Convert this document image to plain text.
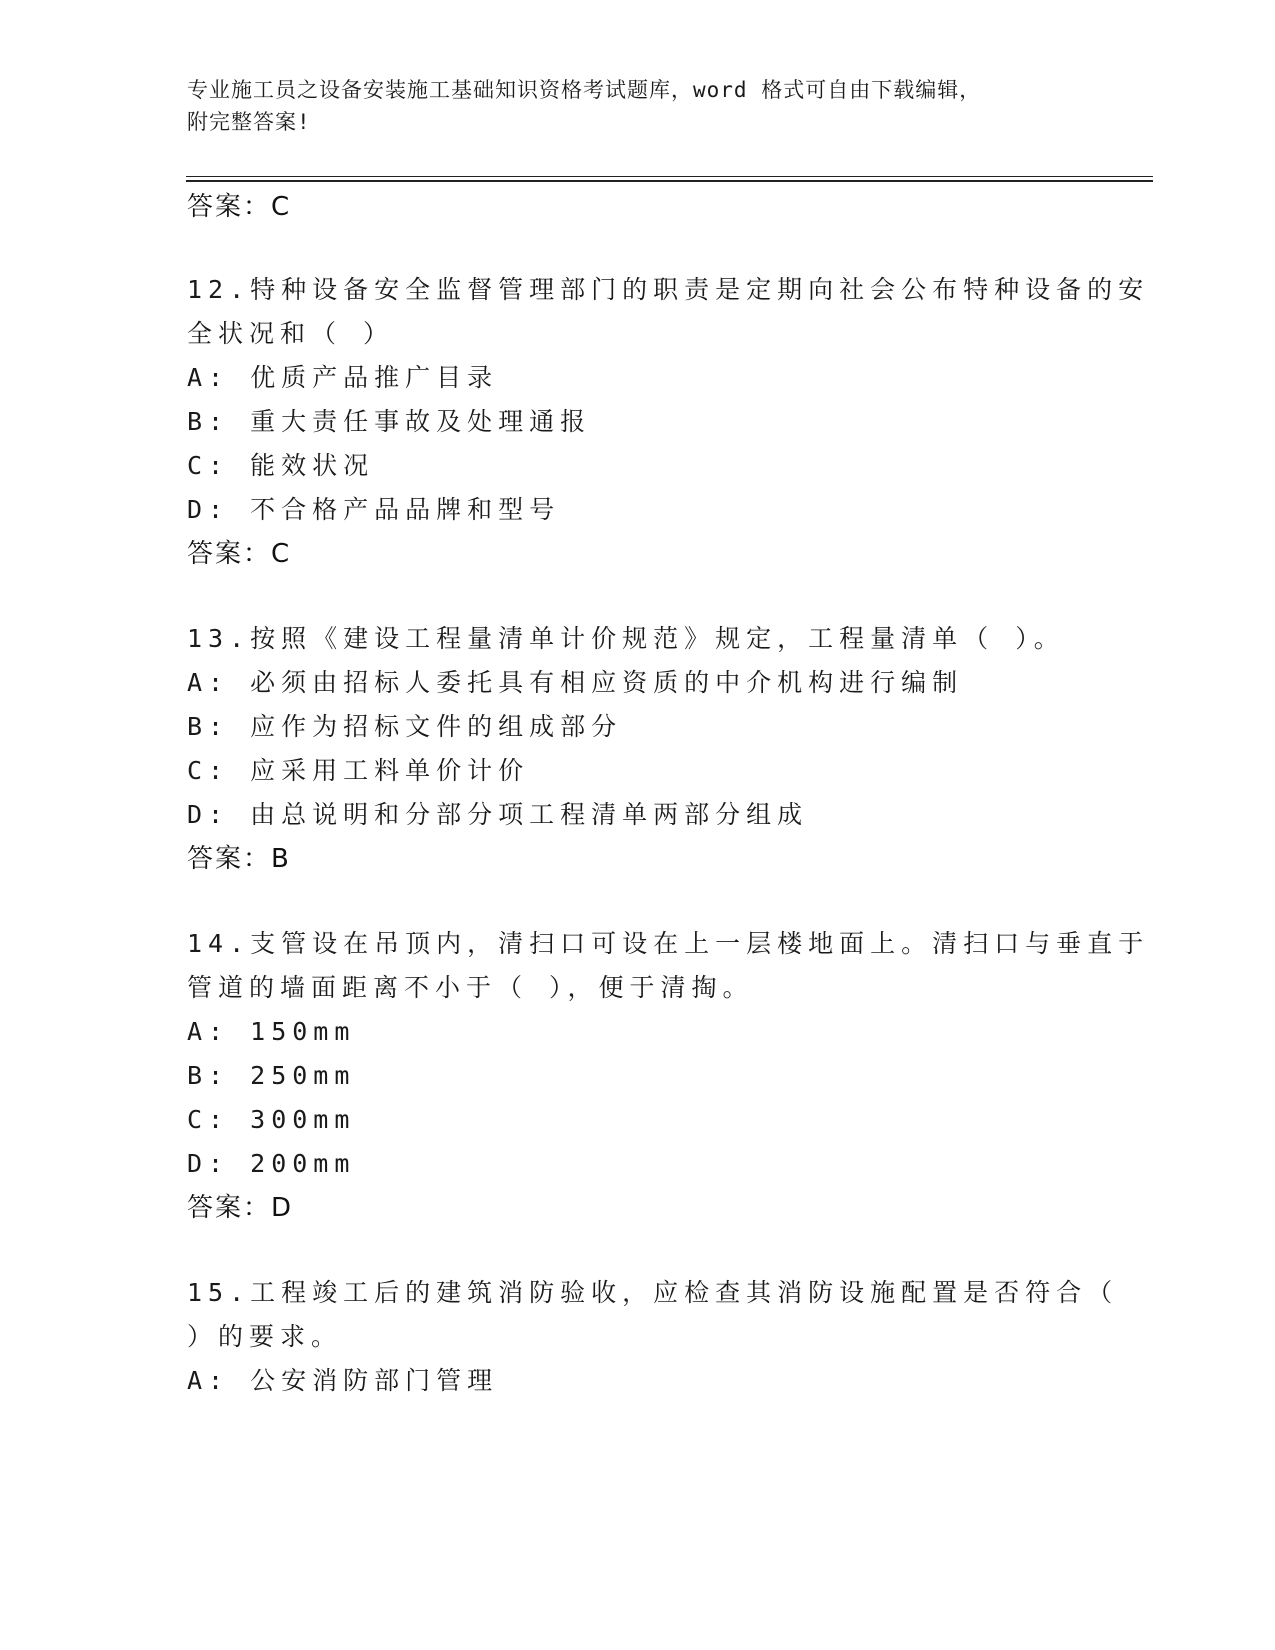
专业施工员之设备安装施工基础知识资格考试题库，word 格式可自由下载编辑，
附完整答案!
答案：C
12.特种设备安全监督管理部门的职责是定期向社会公布特种设备的安
全状况和（ ）
A: 优质产品推广目录
B: 重大责任事故及处理通报
C: 能效状况
D: 不合格产品品牌和型号
答案：C
13.按照《建设工程量清单计价规范》规定，工程量清单（ ）。
A: 必须由招标人委托具有相应资质的中介机构进行编制
B: 应作为招标文件的组成部分
C: 应采用工料单价计价
D: 由总说明和分部分项工程清单两部分组成
答案：B
14.支管设在吊顶内，清扫口可设在上一层楼地面上。清扫口与垂直于
管道的墙面距离不小于（ ），便于清掏。
A: 150mm
B: 250mm
C: 300mm
D: 200mm
答案：D
15.工程竣工后的建筑消防验收，应检查其消防设施配置是否符合（
）的要求。
A: 公安消防部门管理
